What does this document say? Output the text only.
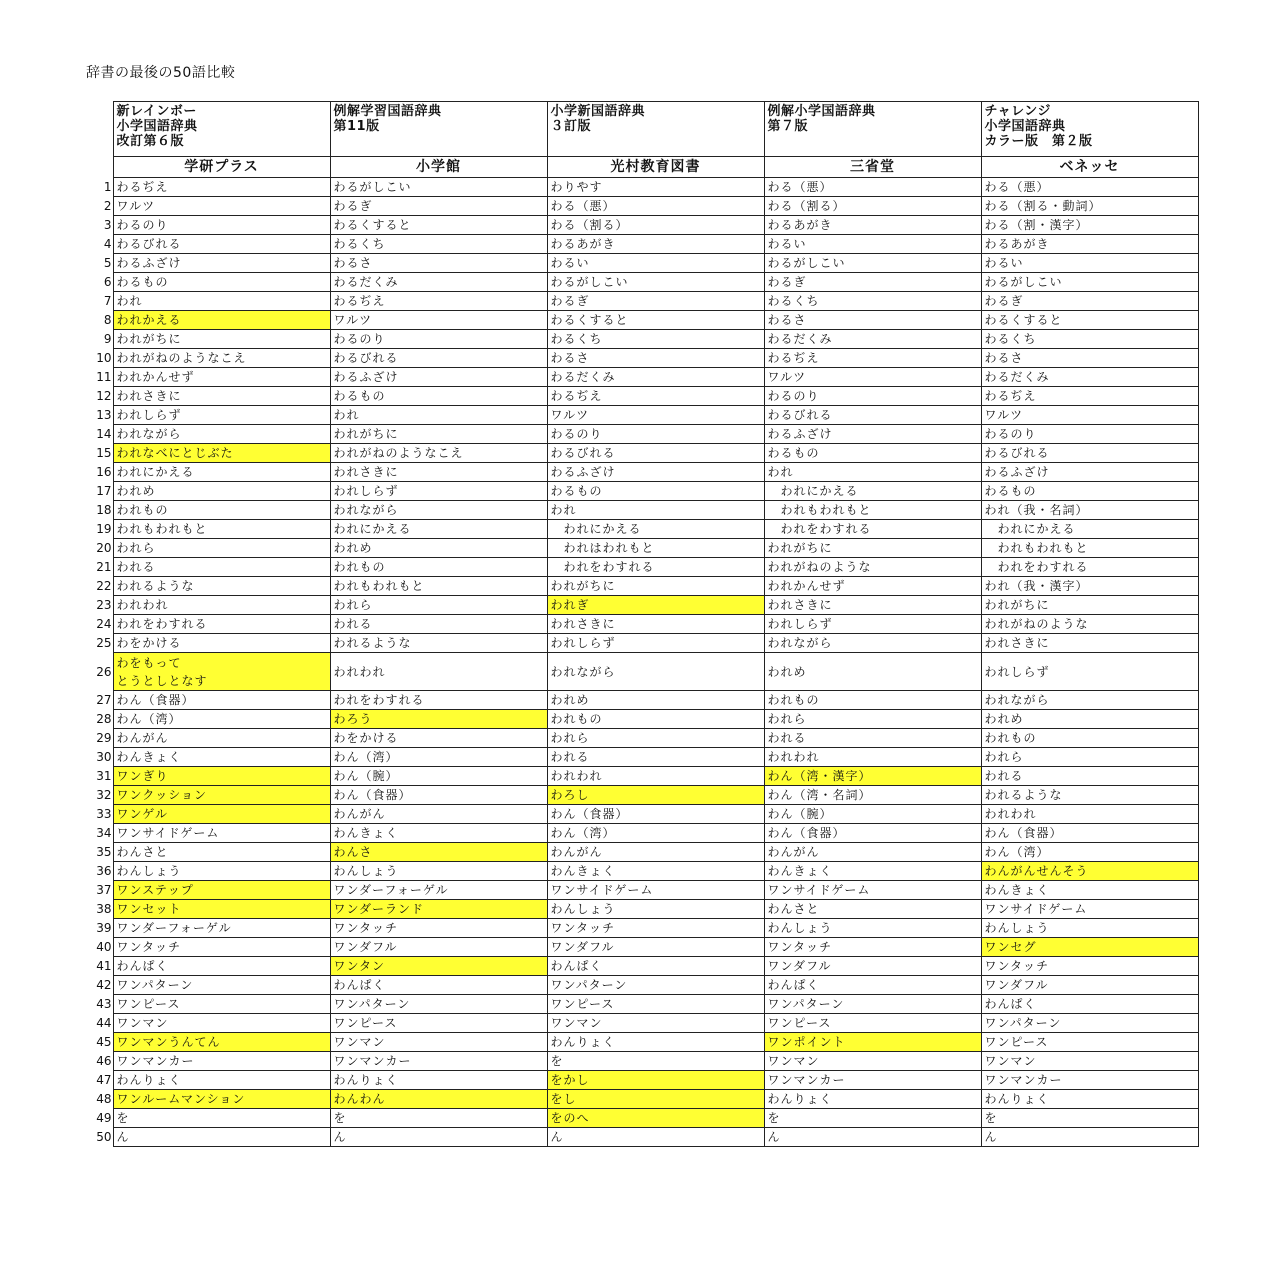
辞書の最後の50語比較
	新レインボー
小学国語辞典
改訂第６版	例解学習国語辞典
第11版	小学新国語辞典
３訂版	例解小学国語辞典
第７版	チャレンジ
小学国語辞典
カラー版　第２版
	学研プラス	小学館	光村教育図書	三省堂	ベネッセ
1	わるぢえ	わるがしこい	わりやす	わる（悪）	わる（悪）
2	ワルツ	わるぎ	わる（悪）	わる（割る）	わる（割る・動詞）
3	わるのり	わるくすると	わる（割る）	わるあがき	わる（割・漢字）
4	わるびれる	わるくち	わるあがき	わるい	わるあがき
5	わるふざけ	わるさ	わるい	わるがしこい	わるい
6	わるもの	わるだくみ	わるがしこい	わるぎ	わるがしこい
7	われ	わるぢえ	わるぎ	わるくち	わるぎ
8	われかえる	ワルツ	わるくすると	わるさ	わるくすると
9	われがちに	わるのり	わるくち	わるだくみ	わるくち
10	われがねのようなこえ	わるびれる	わるさ	わるぢえ	わるさ
11	われかんせず	わるふざけ	わるだくみ	ワルツ	わるだくみ
12	われさきに	わるもの	わるぢえ	わるのり	わるぢえ
13	われしらず	われ	ワルツ	わるびれる	ワルツ
14	われながら	われがちに	わるのり	わるふざけ	わるのり
15	われなべにとじぶた	われがねのようなこえ	わるびれる	わるもの	わるびれる
16	われにかえる	われさきに	わるふざけ	われ	わるふざけ
17	われめ	われしらず	わるもの	　われにかえる	わるもの
18	われもの	われながら	われ	　われもわれもと	われ（我・名詞）
19	われもわれもと	われにかえる	　われにかえる	　われをわすれる	　われにかえる
20	われら	われめ	　われはわれもと	われがちに	　われもわれもと
21	われる	われもの	　われをわすれる	われがねのような	　われをわすれる
22	われるような	われもわれもと	われがちに	われかんせず	われ（我・漢字）
23	われわれ	われら	われぎ	われさきに	われがちに
24	われをわすれる	われる	われさきに	われしらず	われがねのような
25	わをかける	われるような	われしらず	われながら	われさきに
26	わをもって
とうとしとなす	われわれ	われながら	われめ	われしらず
27	わん（食器）	われをわすれる	われめ	われもの	われながら
28	わん（湾）	わろう	われもの	われら	われめ
29	わんがん	わをかける	われら	われる	われもの
30	わんきょく	わん（湾）	われる	われわれ	われら
31	ワンぎり	わん（腕）	われわれ	わん（湾・漢字）	われる
32	ワンクッション	わん（食器）	わろし	わん（湾・名詞）	われるような
33	ワンゲル	わんがん	わん（食器）	わん（腕）	われわれ
34	ワンサイドゲーム	わんきょく	わん（湾）	わん（食器）	わん（食器）
35	わんさと	わんさ	わんがん	わんがん	わん（湾）
36	わんしょう	わんしょう	わんきょく	わんきょく	わんがんせんそう
37	ワンステップ	ワンダーフォーゲル	ワンサイドゲーム	ワンサイドゲーム	わんきょく
38	ワンセット	ワンダーランド	わんしょう	わんさと	ワンサイドゲーム
39	ワンダーフォーゲル	ワンタッチ	ワンタッチ	わんしょう	わんしょう
40	ワンタッチ	ワンダフル	ワンダフル	ワンタッチ	ワンセグ
41	わんぱく	ワンタン	わんぱく	ワンダフル	ワンタッチ
42	ワンパターン	わんぱく	ワンパターン	わんぱく	ワンダフル
43	ワンピース	ワンパターン	ワンピース	ワンパターン	わんぱく
44	ワンマン	ワンピース	ワンマン	ワンピース	ワンパターン
45	ワンマンうんてん	ワンマン	わんりょく	ワンポイント	ワンピース
46	ワンマンカー	ワンマンカー	を	ワンマン	ワンマン
47	わんりょく	わんりょく	をかし	ワンマンカー	ワンマンカー
48	ワンルームマンション	わんわん	をし	わんりょく	わんりょく
49	を	を	をのへ	を	を
50	ん	ん	ん	ん	ん
